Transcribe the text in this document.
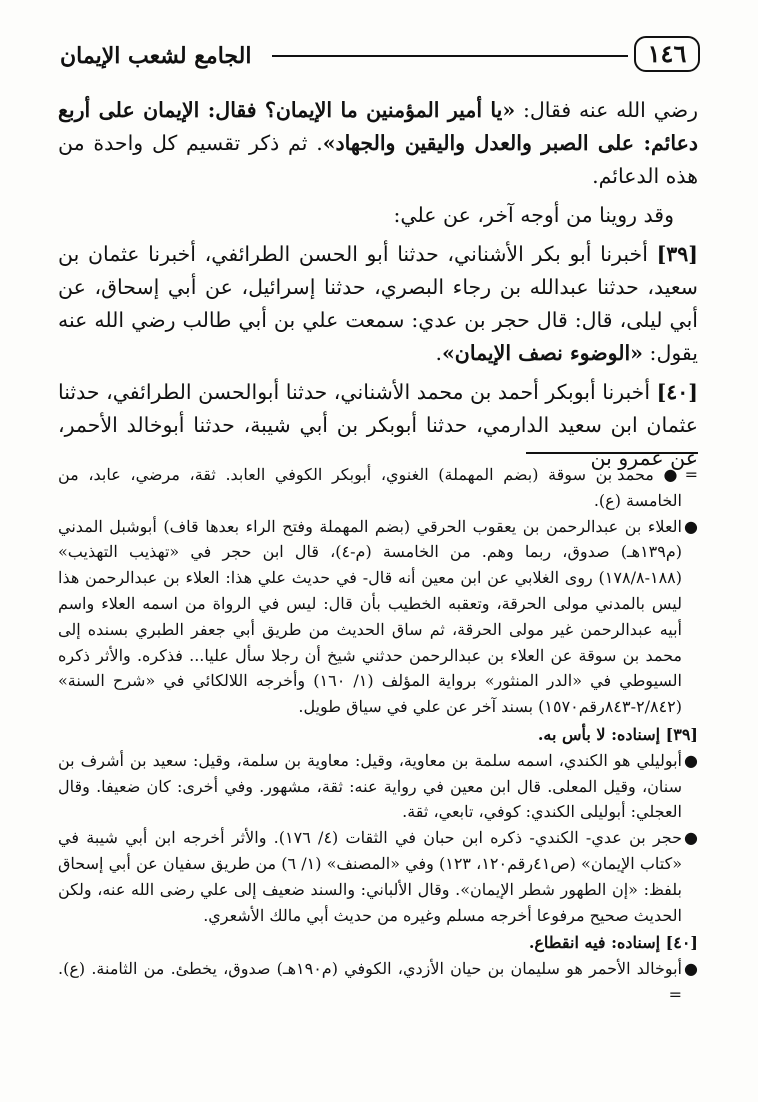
١٤٦
الجامع لشعب الإيمان

رضي الله عنه فقال: «يا أمير المؤمنين ما الإيمان؟ فقال: الإيمان على أربع دعائم: على الصبر والعدل واليقين والجهاد». ثم ذكر تقسيم كل واحدة من هذه الدعائم.

وقد روينا من أوجه آخر، عن علي:

[٣٩] أخبرنا أبو بكر الأشناني، حدثنا أبو الحسن الطرائفي، أخبرنا عثمان بن سعيد، حدثنا عبدالله بن رجاء البصري، حدثنا إسرائيل، عن أبي إسحاق، عن أبي ليلى، قال: قال حجر بن عدي: سمعت علي بن أبي طالب رضي الله عنه يقول: «الوضوء نصف الإيمان».

[٤٠] أخبرنا أبوبكر أحمد بن محمد الأشناني، حدثنا أبوالحسن الطرائفي، حدثنا عثمان ابن سعيد الدارمي، حدثنا أبوبكر بن أبي شيبة، حدثنا أبوخالد الأحمر، عن عمرو بن

=
● محمد بن سوقة (بضم المهملة) الغنوي، أبوبكر الكوفي العابد. ثقة، مرضي، عابد، من الخامسة (ع).

●
العلاء بن عبدالرحمن بن يعقوب الحرقي (بضم المهملة وفتح الراء بعدها قاف) أبوشبل المدني (م١٣٩هـ) صدوق، ربما وهم. من الخامسة (م-٤)، قال ابن حجر في «تهذيب التهذيب» (١٨٨-١٧٨/٨) روى الغلابي عن ابن معين أنه قال- في حديث علي هذا: العلاء بن عبدالرحمن هذا ليس بالمدني مولى الحرقة، وتعقبه الخطيب بأن قال: ليس في الرواة من اسمه العلاء واسم أبيه عبدالرحمن غير مولى الحرقة، ثم ساق الحديث من طريق أبي جعفر الطبري بسنده إلى محمد بن سوقة عن العلاء بن عبدالرحمن حدثني شيخ أن رجلا سأل عليا... فذكره. والأثر ذكره السيوطي في «الدر المنثور» برواية المؤلف (١/ ١٦٠) وأخرجه اللالكائي في «شرح السنة» (٢/٨٤٢-٨٤٣رقم١٥٧٠) بسند آخر عن علي في سياق طويل.

[٣٩] إسناده: لا بأس به.

●
أبوليلي هو الكندي، اسمه سلمة بن معاوية، وقيل: معاوية بن سلمة، وقيل: سعيد بن أشرف بن سنان، وقيل المعلى. قال ابن معين في رواية عنه: ثقة، مشهور. وفي أخرى: كان ضعيفا. وقال العجلي: أبوليلى الكندي: كوفي، تابعي، ثقة.

●
حجر بن عدي- الكندي- ذكره ابن حبان في الثقات (٤/ ١٧٦). والأثر أخرجه ابن أبي شيبة في «كتاب الإيمان» (ص٤١رقم١٢٠، ١٢٣) وفي «المصنف» (١/ ٦) من طريق سفيان عن أبي إسحاق بلفظ: «إن الطهور شطر الإيمان». وقال الألباني: والسند ضعيف إلى علي رضى الله عنه، ولكن الحديث صحيح مرفوعا أخرجه مسلم وغيره من حديث أبي مالك الأشعري.

[٤٠] إسناده: فيه انقطاع.

●
أبوخالد الأحمر هو سليمان بن حيان الأزدي، الكوفي (م١٩٠هـ) صدوق، يخطئ. من الثامنة. (ع). =
